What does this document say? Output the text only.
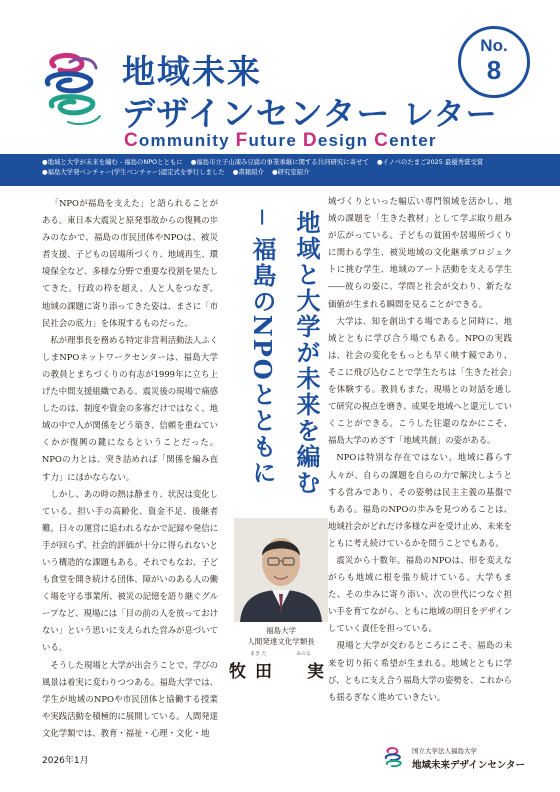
地域未来
デザインセンター レター
Community Future Design Center
No.
8
●地域と大学が未来を編む - 福島のNPOとともに ●福島市立子山凍み豆腐の事業承継に関する共同研究に寄せて ●イノベのたまご2025 最優秀賞受賞
●福島大学発ベンチャー(学生ベンチャー)認定式を挙行しました ●書籍紹介 ●研究室紹介

「NPOが福島を支えた」と語られることがある。東日本大震災と原発事故からの復興の歩みのなかで、福島の市民団体やNPOは、被災者支援、子どもの居場所づくり、地域再生、環境保全など、多様な分野で重要な役割を果たしてきた。行政の枠を超え、人と人をつなぎ、地域の課題に寄り添ってきた姿は、まさに「市民社会の底力」を体現するものだった。

私が理事長を務める特定非営利活動法人ふくしまNPOネットワークセンターは、福島大学の教員とまちづくりの有志が1999年に立ち上げた中間支援組織である。震災後の現場で痛感したのは、制度や資金の多寡だけではなく、地域の中で人が関係をどう築き、信頼を重ねていくかが復興の鍵になるということだった。NPOの力とは、突き詰めれば「関係を編み直す力」にほかならない。

しかし、あの時の熱は静まり、状況は変化している。担い手の高齢化、資金不足、後継者難。日々の運営に追われるなかで記録や発信に手が回らず、社会的評価が十分に得られないという構造的な課題もある。それでもなお、子ども食堂を開き続ける団体、障がいのある人の働く場を守る事業所、被災の記憶を語り継ぐグループなど、現場には「目の前の人を放っておけない」という思いに支えられた営みが息づいている。

そうした現場と大学が出会うことで、学びの風景は着実に変わりつつある。福島大学では、学生が地域のNPOや市民団体と協働する授業や実践活動を積極的に展開している。人間発達文化学類では、教育・福祉・心理・文化・地

地域と大学が未来を編む
─ 福島のNPOとともに
福島大学
人間発達文化学類長
まき た	みのる
牧田　実

域づくりといった幅広い専門領域を活かし、地域の課題を「生きた教材」として学ぶ取り組みが広がっている。子どもの貧困や居場所づくりに関わる学生、被災地域の文化継承プロジェクトに挑む学生、地域のアート活動を支える学生――彼らの姿に、学問と社会が交わり、新たな価値が生まれる瞬間を見ることができる。

大学は、知を創出する場であると同時に、地域とともに学び合う場でもある。NPOの実践は、社会の変化をもっとも早く映す鏡であり、そこに飛び込むことで学生たちは「生きた社会」を体験する。教員もまた、現場との対話を通して研究の視点を磨き、成果を地域へと還元していくことができる。こうした往還のなかにこそ、福島大学のめざす「地域共創」の姿がある。

NPOは特別な存在ではない。地域に暮らす人々が、自らの課題を自らの力で解決しようとする営みであり、その姿勢は民主主義の基盤でもある。福島のNPOの歩みを見つめることは、地域社会がどれだけ多様な声を受け止め、未来をともに考え続けているかを問うことでもある。

震災から十数年。福島のNPOは、形を変えながらも地域に根を張り続けている。大学もまた、その歩みに寄り添い、次の世代につなぐ担い手を育てながら、ともに地域の明日をデザインしていく責任を担っている。

現場と大学が交わるところにこそ、福島の未来を切り拓く希望が生まれる。地域とともに学び、ともに支え合う福島大学の姿勢を、これからも揺るぎなく進めていきたい。

2026年1月
国立大学法人福島大学
地域未来デザインセンター
